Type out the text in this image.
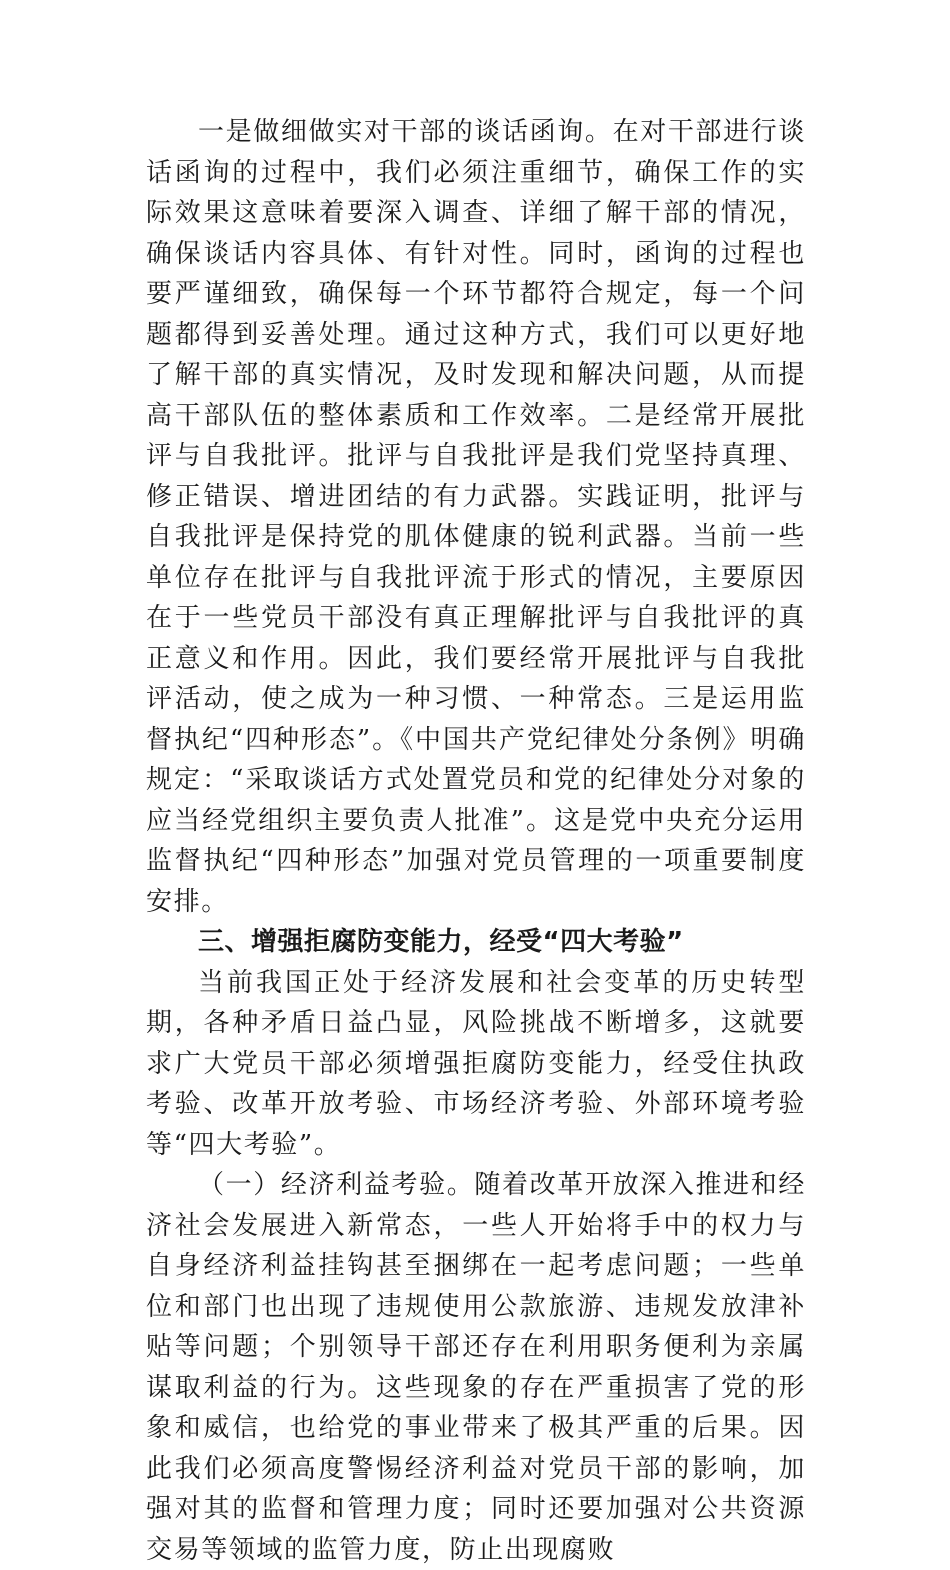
一是做细做实对干部的谈话函询。在对干部进行谈话函询的过程中，我们必须注重细节，确保工作的实际效果这意味着要深入调查、详细了解干部的情况，确保谈话内容具体、有针对性。同时，函询的过程也要严谨细致，确保每一个环节都符合规定，每一个问题都得到妥善处理。通过这种方式，我们可以更好地了解干部的真实情况，及时发现和解决问题，从而提高干部队伍的整体素质和工作效率。二是经常开展批评与自我批评。批评与自我批评是我们党坚持真理、修正错误、增进团结的有力武器。实践证明，批评与自我批评是保持党的肌体健康的锐利武器。当前一些单位存在批评与自我批评流于形式的情况，主要原因在于一些党员干部没有真正理解批评与自我批评的真正意义和作用。因此，我们要经常开展批评与自我批评活动，使之成为一种习惯、一种常态。三是运用监督执纪“四种形态”。《中国共产党纪律处分条例》明确规定：“采取谈话方式处置党员和党的纪律处分对象的应当经党组织主要负责人批准”。这是党中央充分运用监督执纪“四种形态”加强对党员管理的一项重要制度安排。

三、增强拒腐防变能力，经受“四大考验”

当前我国正处于经济发展和社会变革的历史转型期，各种矛盾日益凸显，风险挑战不断增多，这就要求广大党员干部必须增强拒腐防变能力，经受住执政考验、改革开放考验、市场经济考验、外部环境考验等“四大考验”。

（一）经济利益考验。随着改革开放深入推进和经济社会发展进入新常态，一些人开始将手中的权力与自身经济利益挂钩甚至捆绑在一起考虑问题；一些单位和部门也出现了违规使用公款旅游、违规发放津补贴等问题；个别领导干部还存在利用职务便利为亲属谋取利益的行为。这些现象的存在严重损害了党的形象和威信，也给党的事业带来了极其严重的后果。因此我们必须高度警惕经济利益对党员干部的影响，加强对其的监督和管理力度；同时还要加强对公共资源交易等领域的监管力度，防止出现腐败
